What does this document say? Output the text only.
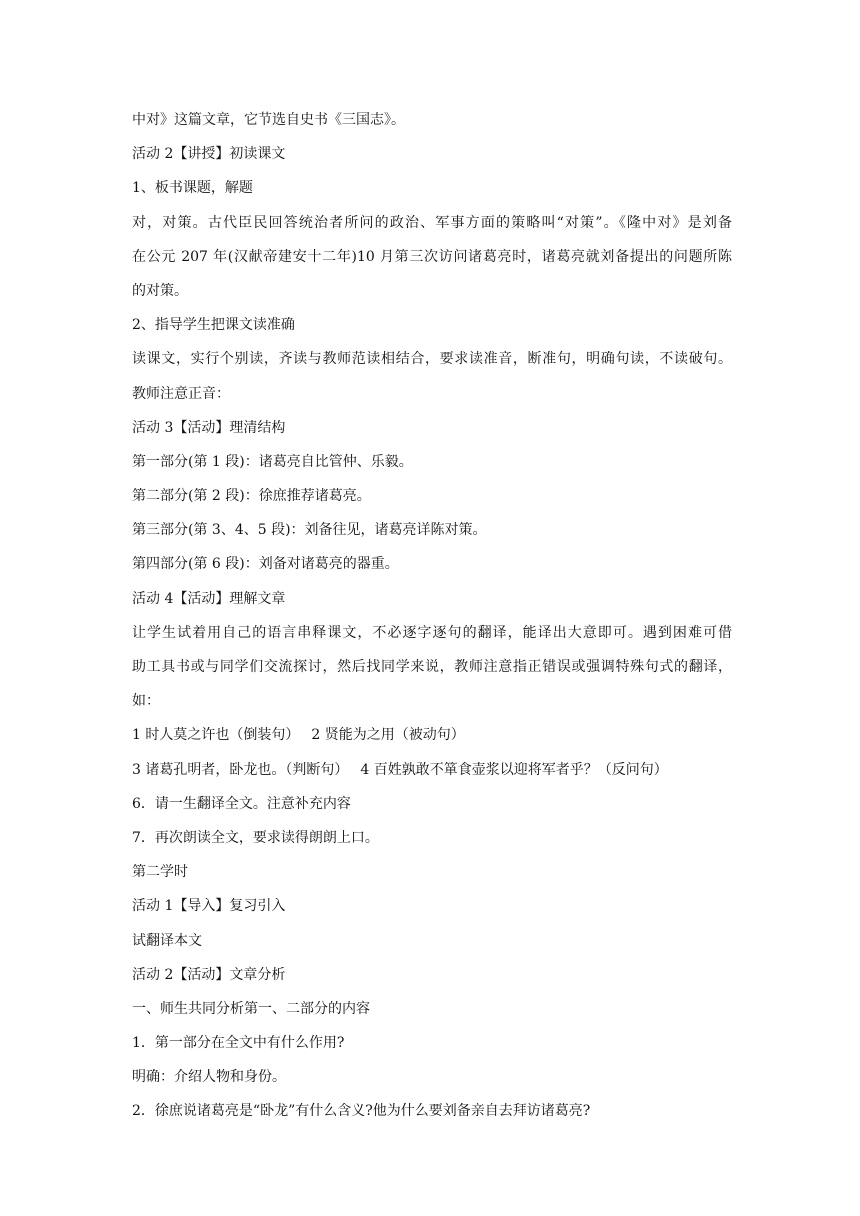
中对》这篇文章，它节选自史书《三国志》。
活动 2【讲授】初读课文
1、板书课题，解题
对，对策。古代臣民回答统治者所问的政治、军事方面的策略叫“对策”。《隆中对》是刘备
在公元 207 年(汉献帝建安十二年)10 月第三次访问诸葛亮时，诸葛亮就刘备提出的问题所陈
的对策。
2、指导学生把课文读准确
读课文，实行个别读，齐读与教师范读相结合，要求读准音，断准句，明确句读，不读破句。
教师注意正音：
活动 3【活动】理清结构
第一部分(第 1 段)：诸葛亮自比管仲、乐毅。
第二部分(第 2 段)：徐庶推荐诸葛亮。
第三部分(第 3、4、5 段)：刘备往见，诸葛亮详陈对策。
第四部分(第 6 段)：刘备对诸葛亮的器重。
活动 4【活动】理解文章
让学生试着用自己的语言串释课文，不必逐字逐句的翻译，能译出大意即可。遇到困难可借
助工具书或与同学们交流探讨，然后找同学来说，教师注意指正错误或强调特殊句式的翻译，
如：
1 时人莫之许也（倒装句） 2 贤能为之用（被动句）
3 诸葛孔明者，卧龙也。（判断句） 4 百姓孰敢不箪食壶浆以迎将军者乎？（反问句）
6．请一生翻译全文。注意补充内容
7．再次朗读全文，要求读得朗朗上口。
第二学时
活动 1【导入】复习引入
试翻译本文
活动 2【活动】文章分析
一、师生共同分析第一、二部分的内容
1．第一部分在全文中有什么作用?
明确：介绍人物和身份。
2．徐庶说诸葛亮是“卧龙”有什么含义?他为什么要刘备亲自去拜访诸葛亮?
